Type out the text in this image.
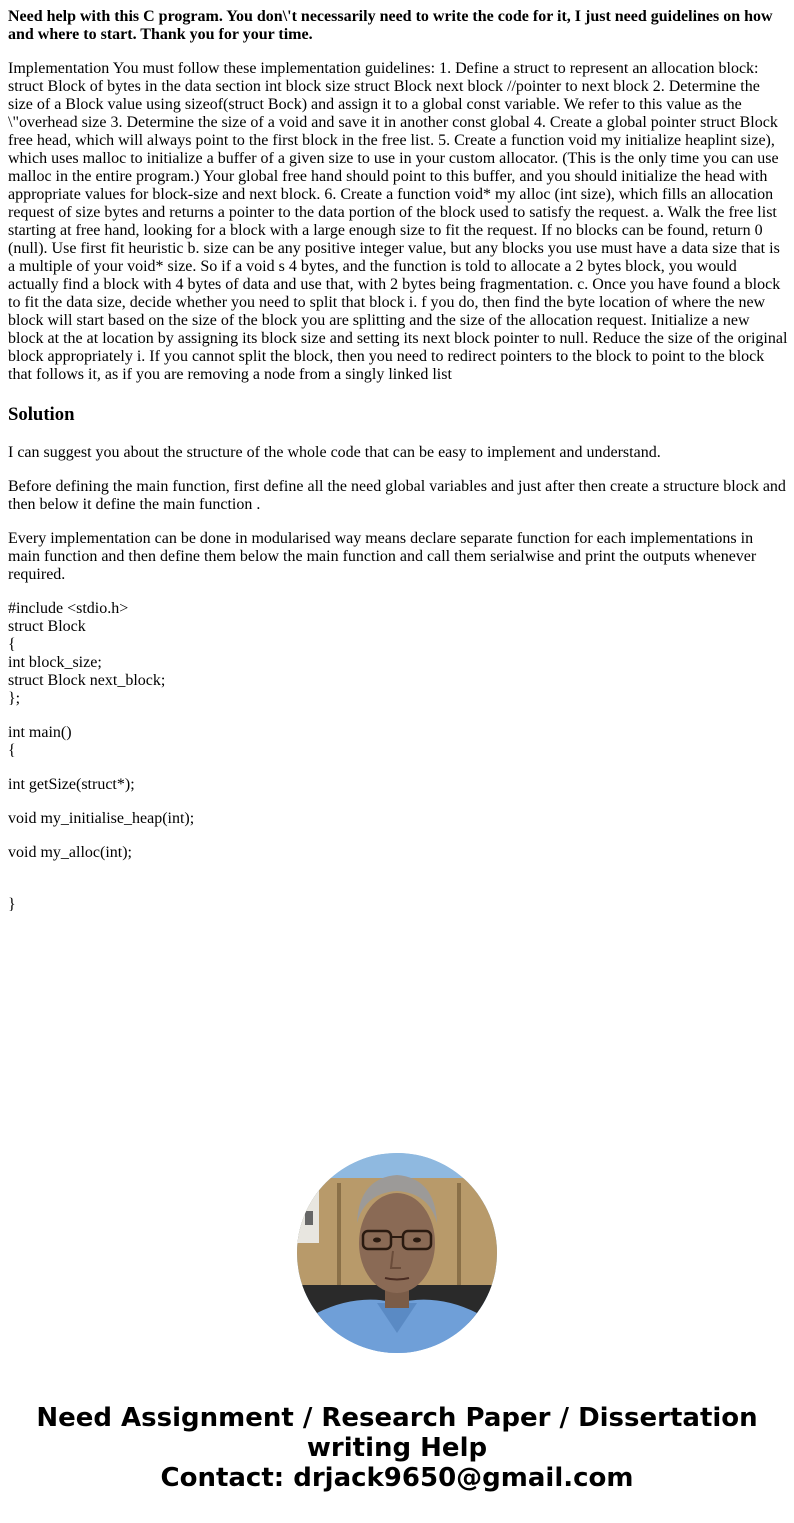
Need help with this C program. You don\'t necessarily need to write the code for it, I just need guidelines on how and where to start. Thank you for your time.

Implementation You must follow these implementation guidelines: 1. Define a struct to represent an allocation block: struct Block of bytes in the data section int block size struct Block next block //pointer to next block 2. Determine the size of a Block value using sizeof(struct Bock) and assign it to a global const variable. We refer to this value as the \"overhead size 3. Determine the size of a void and save it in another const global 4. Create a global pointer struct Block free head, which will always point to the first block in the free list. 5. Create a function void my initialize heaplint size), which uses malloc to initialize a buffer of a given size to use in your custom allocator. (This is the only time you can use malloc in the entire program.) Your global free hand should point to this buffer, and you should initialize the head with appropriate values for block-size and next block. 6. Create a function void* my alloc (int size), which fills an allocation request of size bytes and returns a pointer to the data portion of the block used to satisfy the request. a. Walk the free list starting at free hand, looking for a block with a large enough size to fit the request. If no blocks can be found, return 0 (null). Use first fit heuristic b. size can be any positive integer value, but any blocks you use must have a data size that is a multiple of your void* size. So if a void s 4 bytes, and the function is told to allocate a 2 bytes block, you would actually find a block with 4 bytes of data and use that, with 2 bytes being fragmentation. c. Once you have found a block to fit the data size, decide whether you need to split that block i. f you do, then find the byte location of where the new block will start based on the size of the block you are splitting and the size of the allocation request. Initialize a new block at the at location by assigning its block size and setting its next block pointer to null. Reduce the size of the original block appropriately i. If you cannot split the block, then you need to redirect pointers to the block to point to the block that follows it, as if you are removing a node from a singly linked list

Solution

I can suggest you about the structure of the whole code that can be easy to implement and understand.

Before defining the main function, first define all the need global variables and just after then create a structure block and then below it define the main function .

Every implementation can be done in modularised way means declare separate function for each implementations in main function and then define them below the main function and call them serialwise and print the outputs whenever required.

#include <stdio.h>
struct Block
{
int block_size;
struct Block next_block;
};
int main()
{
int getSize(struct*);
void my_initialise_heap(int);
void my_alloc(int);
}
Need Assignment / Research Paper / Dissertation
writing Help
Contact: drjack9650@gmail.com
